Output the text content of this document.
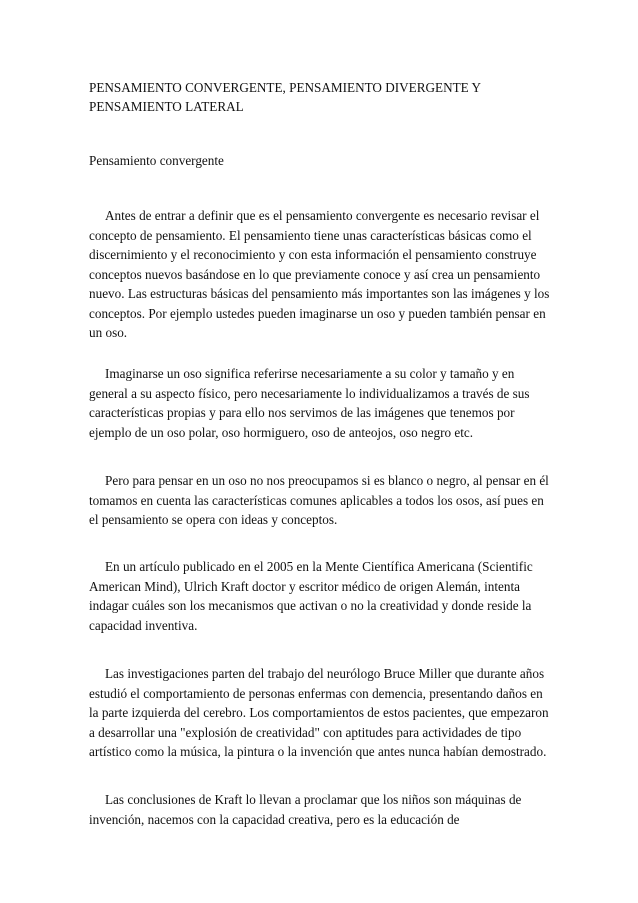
PENSAMIENTO CONVERGENTE, PENSAMIENTO DIVERGENTE Y PENSAMIENTO LATERAL
Pensamiento convergente

Antes de entrar a definir que es el pensamiento convergente es necesario revisar el concepto de pensamiento. El pensamiento tiene unas características básicas como el discernimiento y el reconocimiento y con esta información el pensamiento construye conceptos nuevos basándose en lo que previamente conoce y así crea un pensamiento nuevo. Las estructuras básicas del pensamiento más importantes son las imágenes y los conceptos. Por ejemplo ustedes pueden imaginarse un oso y pueden también pensar en un oso.

Imaginarse un oso significa referirse necesariamente a su color y tamaño y en general a su aspecto físico, pero necesariamente lo individualizamos a través de sus características propias y para ello nos servimos de las imágenes que tenemos por ejemplo de un oso polar, oso hormiguero, oso de anteojos, oso negro etc.

Pero para pensar en un oso no nos preocupamos si es blanco o negro, al pensar en él tomamos en cuenta las características comunes aplicables a todos los osos, así pues en el pensamiento se opera con ideas y conceptos.

En un artículo publicado en el 2005 en la Mente Científica Americana (Scientific American Mind), Ulrich Kraft doctor y escritor médico de origen Alemán, intenta indagar cuáles son los mecanismos que activan o no la creatividad y donde reside la capacidad inventiva.

Las investigaciones parten del trabajo del neurólogo Bruce Miller que durante años estudió el comportamiento de personas enfermas con demencia, presentando daños en la parte izquierda del cerebro. Los comportamientos de estos pacientes, que empezaron a desarrollar una "explosión de creatividad" con aptitudes para actividades de tipo artístico como la música, la pintura o la invención que antes nunca habían demostrado.

Las conclusiones de Kraft lo llevan a proclamar que los niños son máquinas de invención, nacemos con la capacidad creativa, pero es la educación de
